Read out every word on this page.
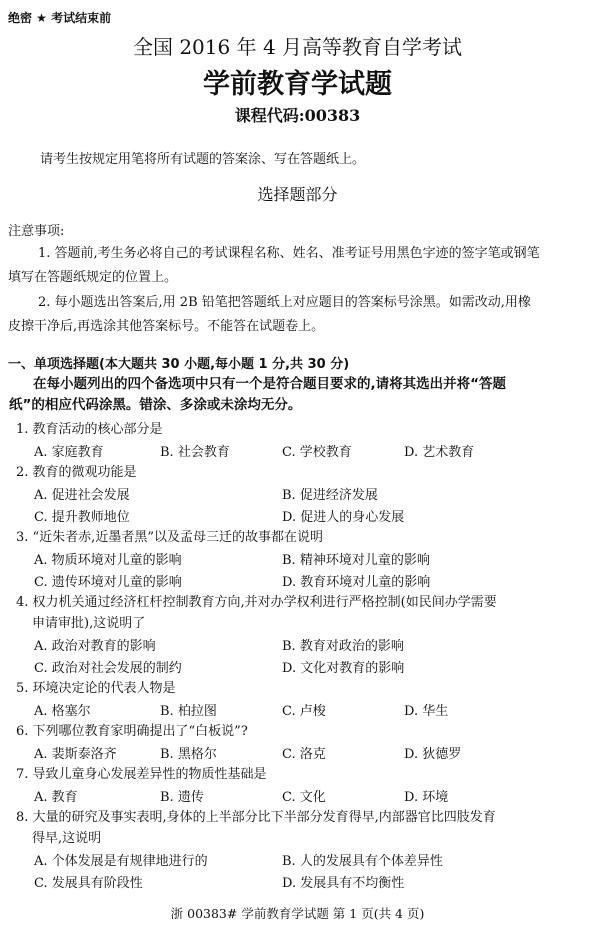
绝密 ★ 考试结束前
全国 2016 年 4 月高等教育自学考试
学前教育学试题
课程代码:00383
请考生按规定用笔将所有试题的答案涂、写在答题纸上。
选择题部分
注意事项:
1. 答题前,考生务必将自己的考试课程名称、姓名、准考证号用黑色字迹的签字笔或钢笔
填写在答题纸规定的位置上。
2. 每小题选出答案后,用 2B 铅笔把答题纸上对应题目的答案标号涂黑。如需改动,用橡
皮擦干净后,再选涂其他答案标号。不能答在试题卷上。
一、单项选择题(本大题共 30 小题,每小题 1 分,共 30 分)
在每小题列出的四个备选项中只有一个是符合题目要求的,请将其选出并将“答题
纸”的相应代码涂黑。错涂、多涂或未涂均无分。
1. 教育活动的核心部分是
A. 家庭教育	B. 社会教育	C. 学校教育	D. 艺术教育
2. 教育的微观功能是
A. 促进社会发展	B. 促进经济发展
C. 提升教师地位	D. 促进人的身心发展
3. “近朱者赤,近墨者黑”以及孟母三迁的故事都在说明
A. 物质环境对儿童的影响	B. 精神环境对儿童的影响
C. 遗传环境对儿童的影响	D. 教育环境对儿童的影响
4. 权力机关通过经济杠杆控制教育方向,并对办学权利进行严格控制(如民间办学需要
申请审批),这说明了
A. 政治对教育的影响	B. 教育对政治的影响
C. 政治对社会发展的制约	D. 文化对教育的影响
5. 环境决定论的代表人物是
A. 格塞尔	B. 柏拉图	C. 卢梭	D. 华生
6. 下列哪位教育家明确提出了“白板说”?
A. 裴斯泰洛齐	B. 黑格尔	C. 洛克	D. 狄德罗
7. 导致儿童身心发展差异性的物质性基础是
A. 教育	B. 遗传	C. 文化	D. 环境
8. 大量的研究及事实表明,身体的上半部分比下半部分发育得早,内部器官比四肢发育
得早,这说明
A. 个体发展是有规律地进行的	B. 人的发展具有个体差异性
C. 发展具有阶段性	D. 发展具有不均衡性
浙 00383# 学前教育学试题 第 1 页(共 4 页)
